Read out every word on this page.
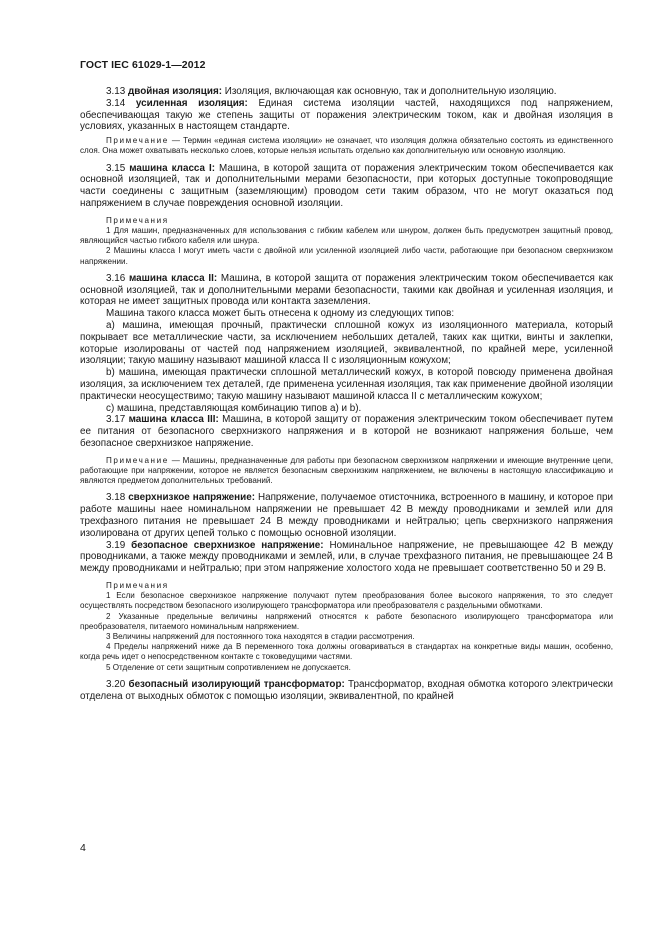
ГОСТ IEC 61029-1—2012

3.13 двойная изоляция: Изоляция, включающая как основную, так и дополнительную изоляцию.

3.14 усиленная изоляция: Единая система изоляции частей, находящихся под напряжением, обеспечивающая такую же степень защиты от поражения электрическим током, как и двойная изоляция в условиях, указанных в настоящем стандарте.

Примечание — Термин «единая система изоляции» не означает, что изоляция должна обязательно состоять из единственного слоя. Она может охватывать несколько слоев, которые нельзя испытать отдельно как дополнительную или основную изоляцию.

3.15 машина класса I: Машина, в которой защита от поражения электрическим током обеспечивается как основной изоляцией, так и дополнительными мерами безопасности, при которых доступные токопроводящие части соединены с защитным (заземляющим) проводом сети таким образом, что не могут оказаться под напряжением в случае повреждения основной изоляции.

Примечания

1 Для машин, предназначенных для использования с гибким кабелем или шнуром, должен быть предусмотрен защитный провод, являющийся частью гибкого кабеля или шнура.

2 Машины класса I могут иметь части с двойной или усиленной изоляцией либо части, работающие при безопасном сверхнизком напряжении.

3.16 машина класса II: Машина, в которой защита от поражения электрическим током обеспечивается как основной изоляцией, так и дополнительными мерами безопасности, такими как двойная и усиленная изоляция, и которая не имеет защитных провода или контакта заземления.

Машина такого класса может быть отнесена к одному из следующих типов:

а) машина, имеющая прочный, практически сплошной кожух из изоляционного материала, который покрывает все металлические части, за исключением небольших деталей, таких как щитки, винты и заклепки, которые изолированы от частей под напряжением изоляцией, эквивалентной, по крайней мере, усиленной изоляции; такую машину называют машиной класса II с изоляционным кожухом;

b) машина, имеющая практически сплошной металлический кожух, в которой повсюду применена двойная изоляция, за исключением тех деталей, где применена усиленная изоляция, так как применение двойной изоляции практически неосуществимо; такую машину называют машиной класса II с металлическим кожухом;

с) машина, представляющая комбинацию типов а) и b).

3.17 машина класса III: Машина, в которой защиту от поражения электрическим током обеспечивает путем ее питания от безопасного сверхнизкого напряжения и в которой не возникают напряжения больше, чем безопасное сверхнизкое напряжение.

Примечание — Машины, предназначенные для работы при безопасном сверхнизком напряжении и имеющие внутренние цепи, работающие при напряжении, которое не является безопасным сверхнизким напряжением, не включены в настоящую классификацию и являются предметом дополнительных требований.

3.18 сверхнизкое напряжение: Напряжение, получаемое отисточника, встроенного в машину, и которое при работе машины наее номинальном напряжении не превышает 42 В между проводниками и землей или для трехфазного питания не превышает 24 В между проводниками и нейтралью; цепь сверхнизкого напряжения изолирована от других цепей только с помощью основной изоляции.

3.19 безопасное сверхнизкое напряжение: Номинальное напряжение, не превышающее 42 В между проводниками, а также между проводниками и землей, или, в случае трехфазного питания, не превышающее 24 В между проводниками и нейтралью; при этом напряжение холостого хода не превышает соответственно 50 и 29 В.

Примечания

1 Если безопасное сверхнизкое напряжение получают путем преобразования более высокого напряжения, то это следует осуществлять посредством безопасного изолирующего трансформатора или преобразователя с раздельными обмотками.

2 Указанные предельные величины напряжений относятся к работе безопасного изолирующего трансформатора или преобразователя, питаемого номинальным напряжением.

3 Величины напряжений для постоянного тока находятся в стадии рассмотрения.

4 Пределы напряжений ниже да В переменного тока должны оговариваться в стандартах на конкретные виды машин, особенно, когда речь идет о непосредственном контакте с токоведущими частями.

5 Отделение от сети защитным сопротивлением не допускается.

3.20 безопасный изолирующий трансформатор: Трансформатор, входная обмотка которого электрически отделена от выходных обмоток с помощью изоляции, эквивалентной, по крайней

4
